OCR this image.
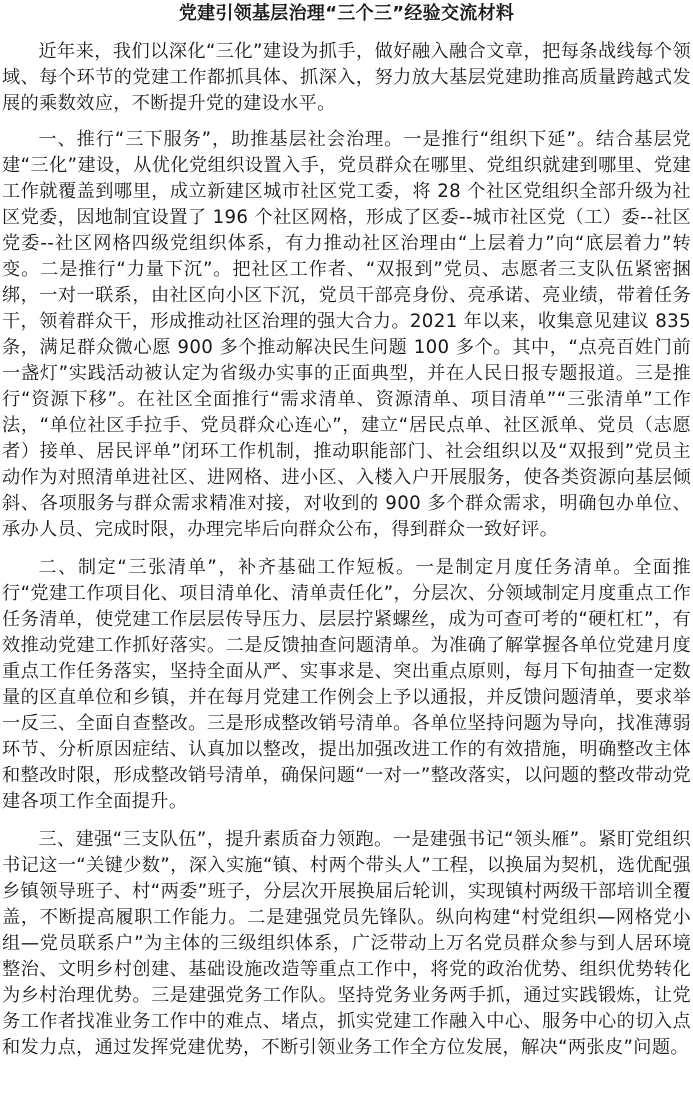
党建引领基层治理“三个三”经验交流材料

近年来，我们以深化“三化”建设为抓手，做好融入融合文章，把每条战线每个领域、每个环节的党建工作都抓具体、抓深入，努力放大基层党建助推高质量跨越式发展的乘数效应，不断提升党的建设水平。

一、推行“三下服务”，助推基层社会治理。一是推行“组织下延”。结合基层党建“三化”建设，从优化党组织设置入手，党员群众在哪里、党组织就建到哪里、党建工作就覆盖到哪里，成立新建区城市社区党工委，将 28 个社区党组织全部升级为社区党委，因地制宜设置了 196 个社区网格，形成了区委--城市社区党（工）委--社区党委--社区网格四级党组织体系，有力推动社区治理由“上层着力”向“底层着力”转变。二是推行“力量下沉”。把社区工作者、“双报到”党员、志愿者三支队伍紧密捆绑，一对一联系，由社区向小区下沉，党员干部亮身份、亮承诺、亮业绩，带着任务干，领着群众干，形成推动社区治理的强大合力。2021 年以来，收集意见建议 835 条，满足群众微心愿 900 多个推动解决民生问题 100 多个。其中，“点亮百姓门前一盏灯”实践活动被认定为省级办实事的正面典型，并在人民日报专题报道。三是推行“资源下移”。在社区全面推行“需求清单、资源清单、项目清单”“三张清单”工作法，“单位社区手拉手、党员群众心连心”，建立“居民点单、社区派单、党员（志愿者）接单、居民评单”闭环工作机制，推动职能部门、社会组织以及“双报到”党员主动作为对照清单进社区、进网格、进小区、入楼入户开展服务，使各类资源向基层倾斜、各项服务与群众需求精准对接，对收到的 900 多个群众需求，明确包办单位、承办人员、完成时限，办理完毕后向群众公布，得到群众一致好评。

二、制定“三张清单”，补齐基础工作短板。一是制定月度任务清单。全面推行“党建工作项目化、项目清单化、清单责任化”，分层次、分领域制定月度重点工作任务清单，使党建工作层层传导压力、层层拧紧螺丝，成为可查可考的“硬杠杠”，有效推动党建工作抓好落实。二是反馈抽查问题清单。为准确了解掌握各单位党建月度重点工作任务落实，坚持全面从严、实事求是、突出重点原则，每月下旬抽查一定数量的区直单位和乡镇，并在每月党建工作例会上予以通报，并反馈问题清单，要求举一反三、全面自查整改。三是形成整改销号清单。各单位坚持问题为导向，找准薄弱环节、分析原因症结、认真加以整改，提出加强改进工作的有效措施，明确整改主体和整改时限，形成整改销号清单，确保问题“一对一”整改落实，以问题的整改带动党建各项工作全面提升。

三、建强“三支队伍”，提升素质奋力领跑。一是建强书记“领头雁”。紧盯党组织书记这一“关键少数”，深入实施“镇、村两个带头人”工程，以换届为契机，选优配强乡镇领导班子、村“两委”班子，分层次开展换届后轮训，实现镇村两级干部培训全覆盖，不断提高履职工作能力。二是建强党员先锋队。纵向构建“村党组织—网格党小组—党员联系户”为主体的三级组织体系，广泛带动上万名党员群众参与到人居环境整治、文明乡村创建、基础设施改造等重点工作中，将党的政治优势、组织优势转化为乡村治理优势。三是建强党务工作队。坚持党务业务两手抓，通过实践锻炼，让党务工作者找准业务工作中的难点、堵点，抓实党建工作融入中心、服务中心的切入点和发力点，通过发挥党建优势，不断引领业务工作全方位发展，解决“两张皮”问题。
